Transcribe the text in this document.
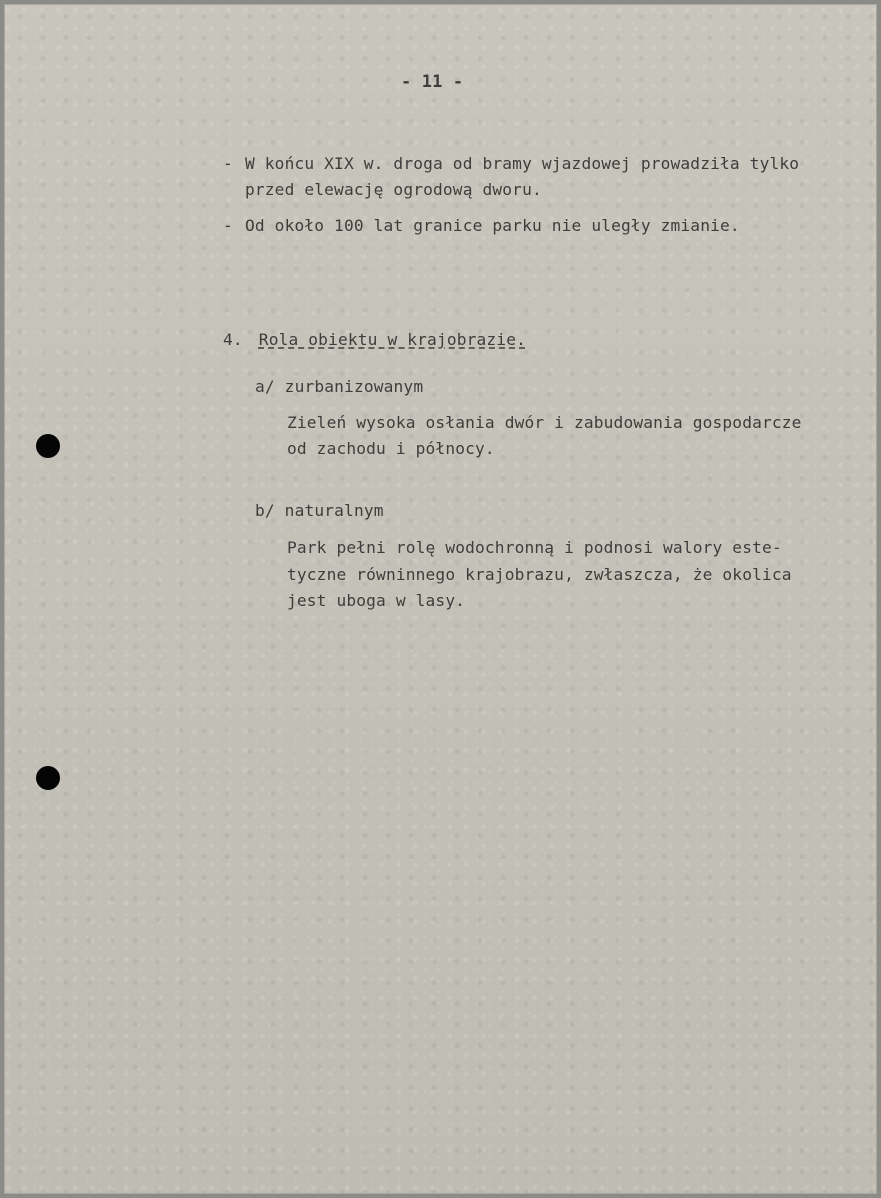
- 11 -
- W końcu XIX w. droga od bramy wjazdowej prowadziła tylko
przed elewację ogrodową dworu.
- Od około 100 lat granice parku nie uległy zmianie.
4. Rola obiektu w krajobrazie.
a/ zurbanizowanym
Zieleń wysoka osłania dwór i zabudowania gospodarcze
od zachodu i północy.
b/ naturalnym
Park pełni rolę wodochronną i podnosi walory este-
tyczne równinnego krajobrazu, zwłaszcza, że okolica
jest uboga w lasy.
